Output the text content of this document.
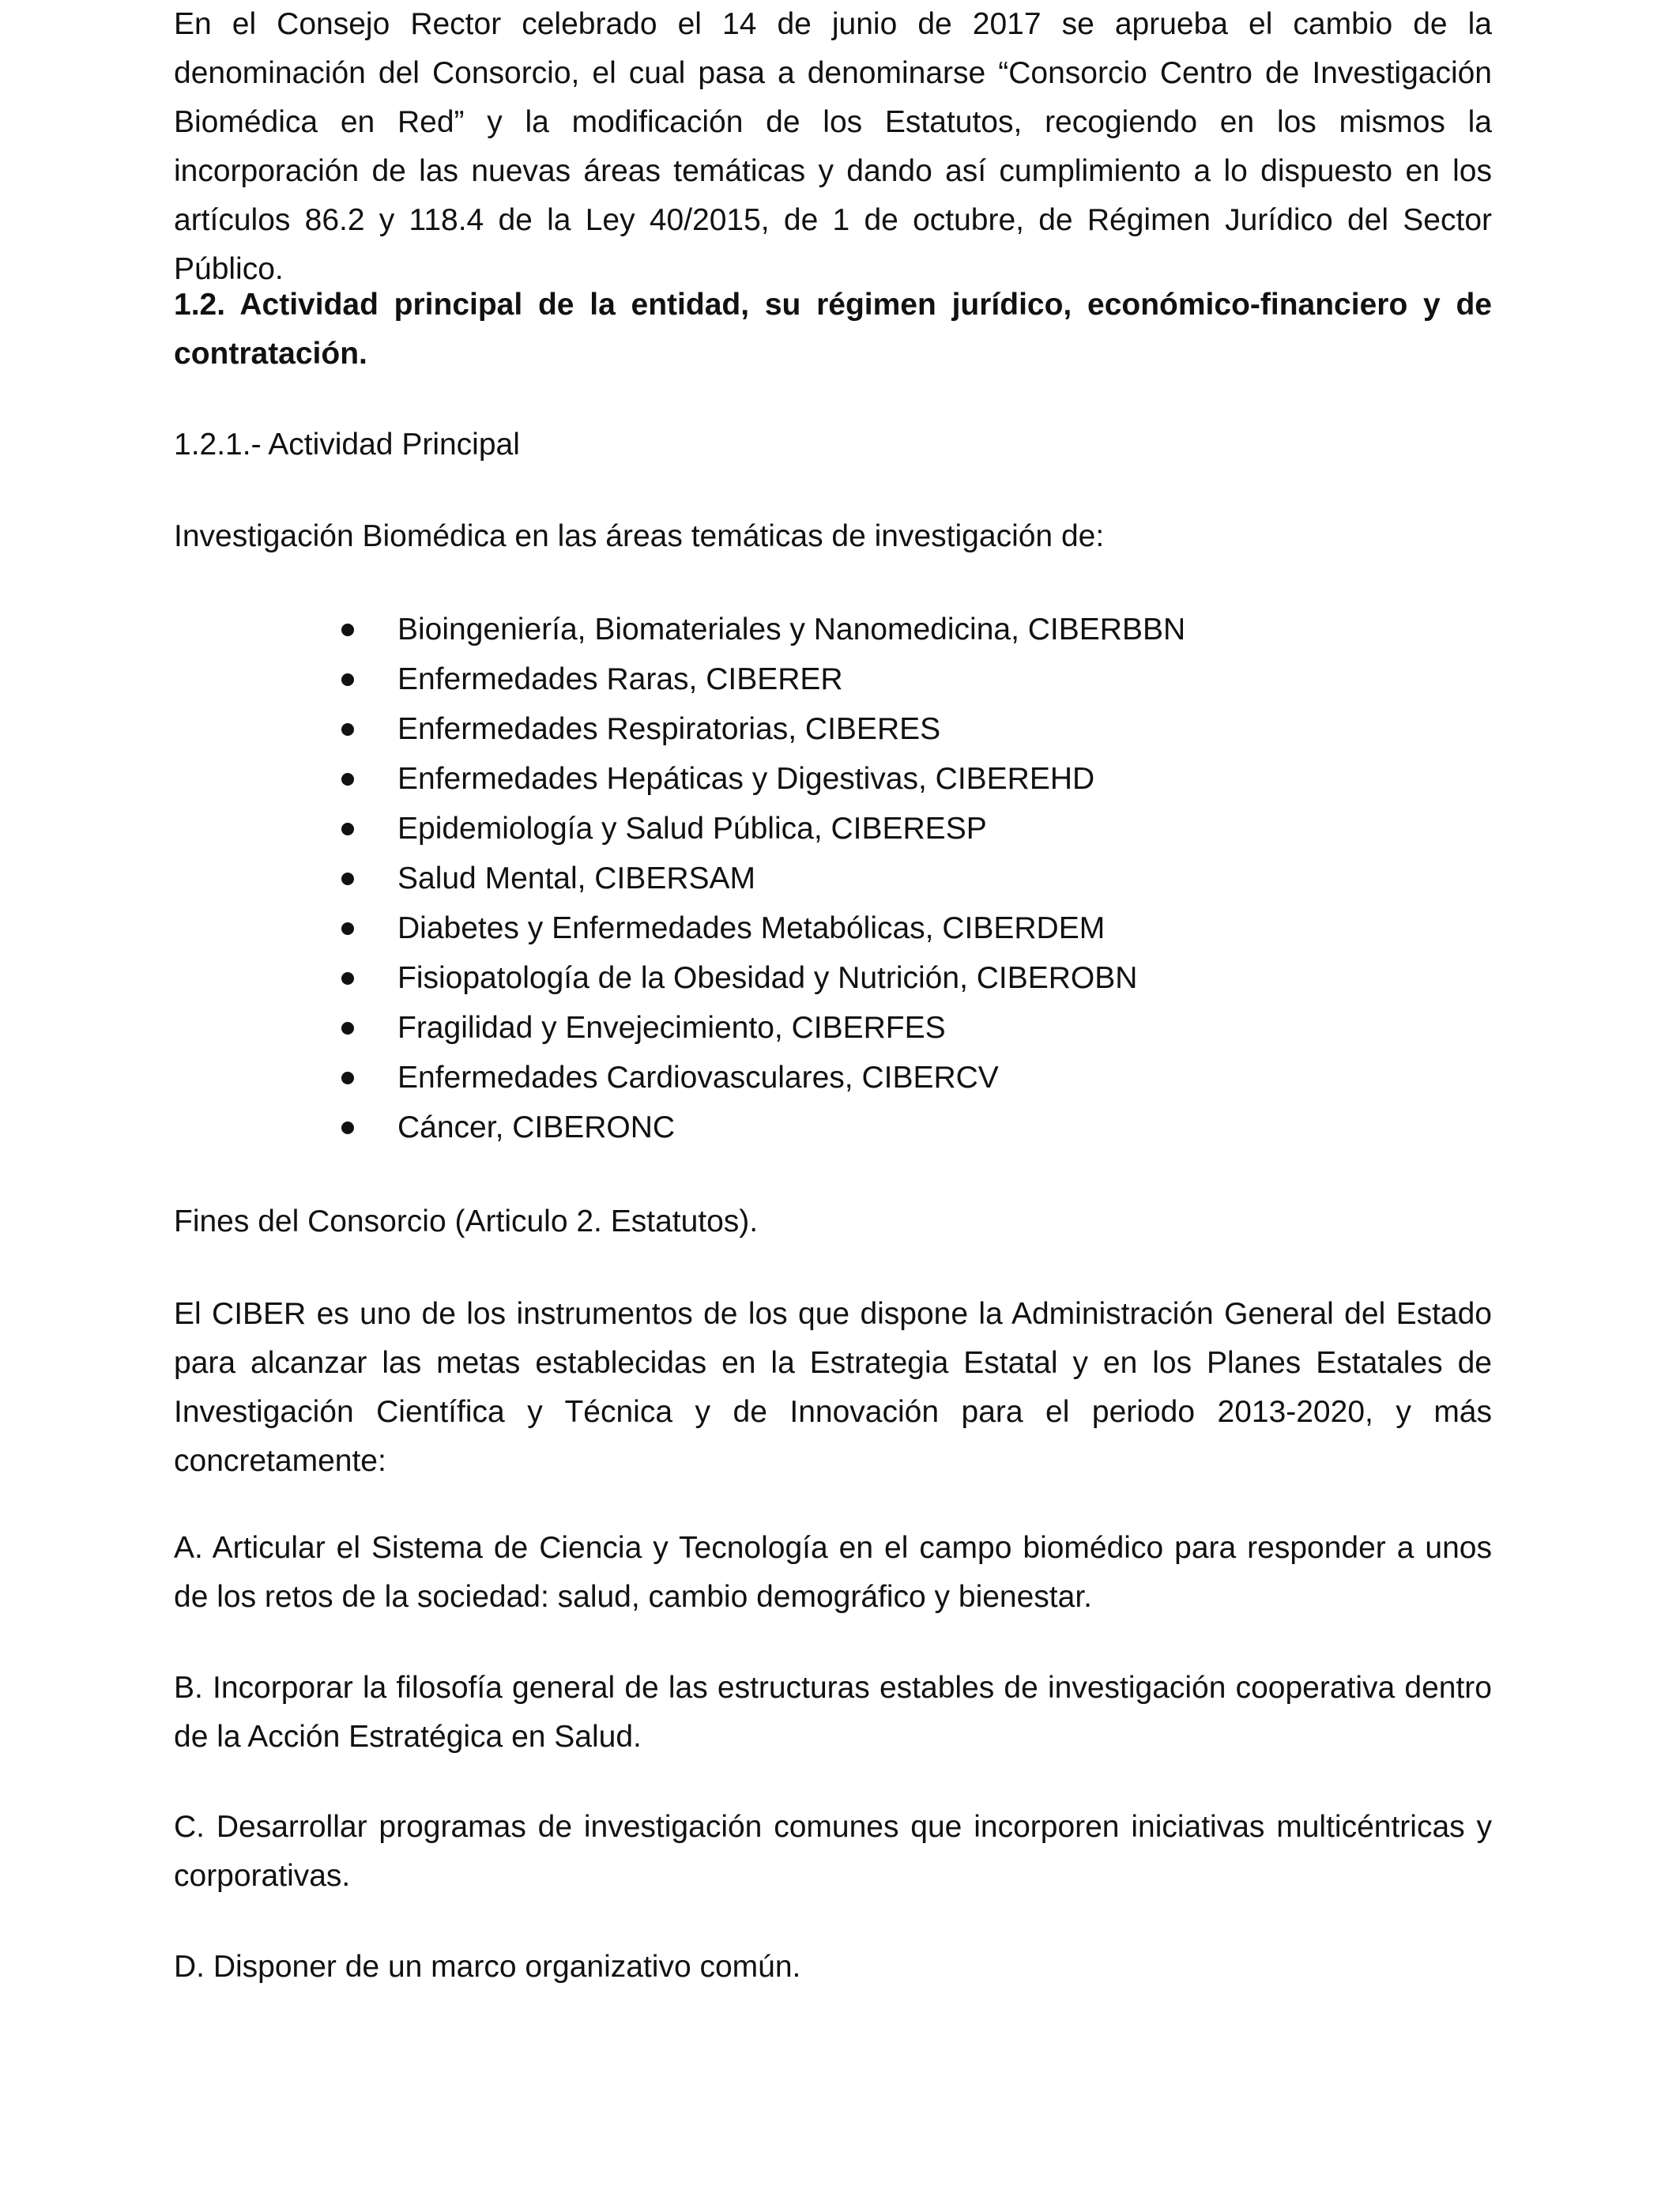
En el Consejo Rector celebrado el 14 de junio de 2017 se aprueba el cambio de la denominación del Consorcio, el cual pasa a denominarse “Consorcio Centro de Investigación Biomédica en Red” y la modificación de los Estatutos, recogiendo en los mismos la incorporación de las nuevas áreas temáticas y dando así cumplimiento a lo dispuesto en los artículos 86.2 y 118.4 de la Ley 40/2015, de 1 de octubre, de Régimen Jurídico del Sector Público.

1.2. Actividad principal de la entidad, su régimen jurídico, económico-financiero y de contratación.

1.2.1.- Actividad Principal

Investigación Biomédica en las áreas temáticas de investigación de:

Bioingeniería, Biomateriales y Nanomedicina, CIBERBBN
Enfermedades Raras, CIBERER
Enfermedades Respiratorias, CIBERES
Enfermedades Hepáticas y Digestivas, CIBEREHD
Epidemiología y Salud Pública, CIBERESP
Salud Mental, CIBERSAM
Diabetes y Enfermedades Metabólicas, CIBERDEM
Fisiopatología de la Obesidad y Nutrición, CIBEROBN
Fragilidad y Envejecimiento, CIBERFES
Enfermedades Cardiovasculares, CIBERCV
Cáncer, CIBERONC

Fines del Consorcio (Articulo 2. Estatutos).

El CIBER es uno de los instrumentos de los que dispone la Administración General del Estado para alcanzar las metas establecidas en la Estrategia Estatal y en los Planes Estatales de Investigación Científica y Técnica y de Innovación para el periodo 2013-2020, y más concretamente:

A. Articular el Sistema de Ciencia y Tecnología en el campo biomédico para responder a unos de los retos de la sociedad: salud, cambio demográfico y bienestar.

B. Incorporar la filosofía general de las estructuras estables de investigación cooperativa dentro de la Acción Estratégica en Salud.

C. Desarrollar programas de investigación comunes que incorporen iniciativas multicéntricas y corporativas.

D. Disponer de un marco organizativo común.
